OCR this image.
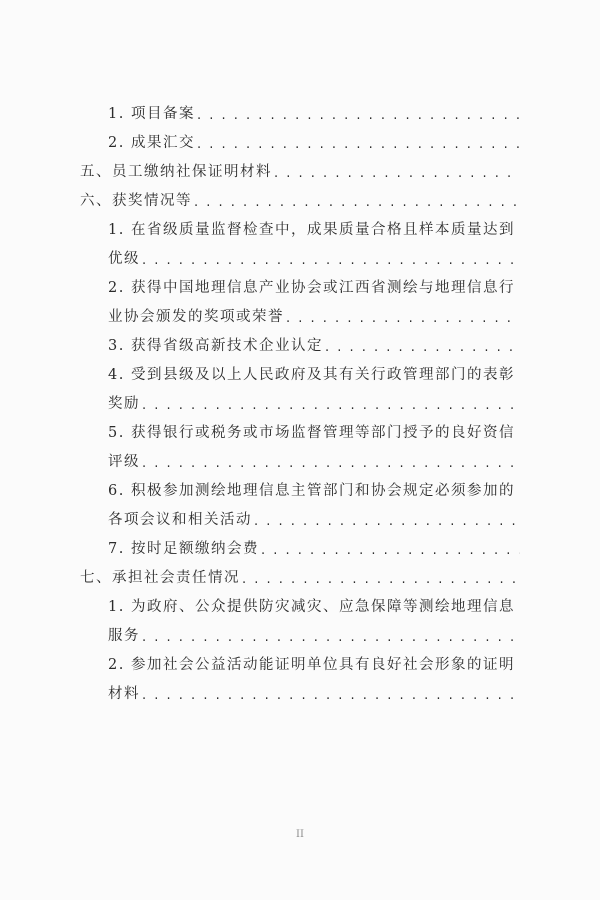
1. 项目备案
. . .
2. 成果汇交
. . .
五、员工缴纳社保证明材料
. . .
六、获奖情况等
. . .
1. 在省级质量监督检查中，成果质量合格且样本质量达到
优级
. . .
2. 获得中国地理信息产业协会或江西省测绘与地理信息行
业协会颁发的奖项或荣誉
. . .
3. 获得省级高新技术企业认定
. . .
4. 受到县级及以上人民政府及其有关行政管理部门的表彰
奖励
. . .
5. 获得银行或税务或市场监督管理等部门授予的良好资信
评级
. . .
6. 积极参加测绘地理信息主管部门和协会规定必须参加的
各项会议和相关活动
. . .
7. 按时足额缴纳会费
. . .
七、承担社会责任情况
. . .
1. 为政府、公众提供防灾减灾、应急保障等测绘地理信息
服务
. . .
2. 参加社会公益活动能证明单位具有良好社会形象的证明
材料
. . .
II
